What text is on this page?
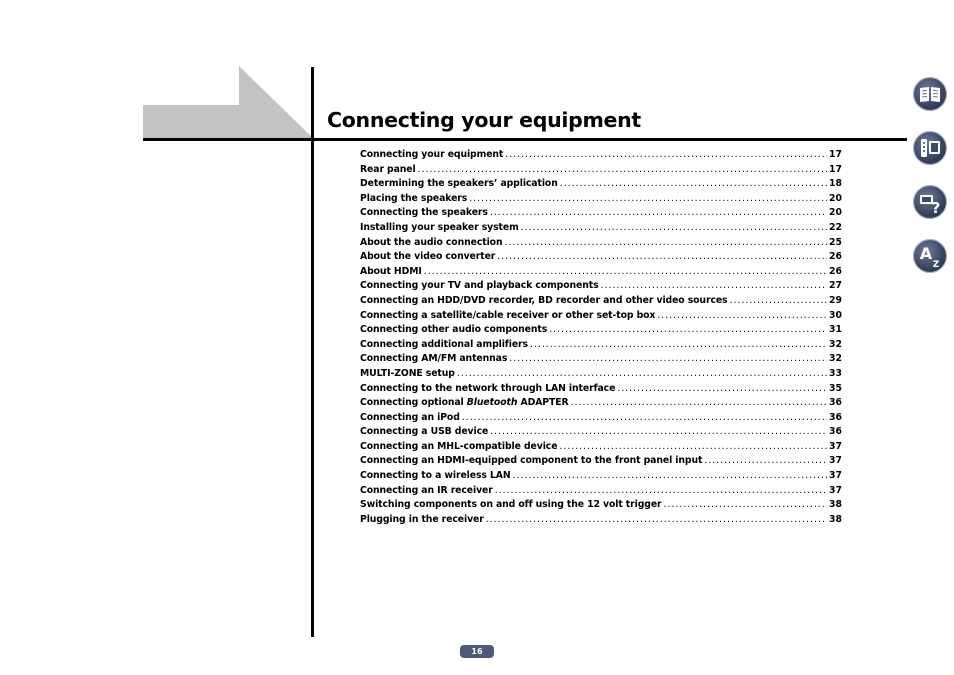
Connecting your equipment
Connecting your equipment .....	17
Rear panel .....	17
Determining the speakers’ application .....	18
Placing the speakers .....	20
Connecting the speakers .....	20
Installing your speaker system .....	22
About the audio connection .....	25
About the video converter .....	26
About HDMI .....	26
Connecting your TV and playback components .....	27
Connecting an HDD/DVD recorder, BD recorder and other video sources .....	29
Connecting a satellite/cable receiver or other set-top box .....	30
Connecting other audio components .....	31
Connecting additional amplifiers .....	32
Connecting AM/FM antennas .....	32
MULTI-ZONE setup .....	33
Connecting to the network through LAN interface .....	35
Connecting optional Bluetooth ADAPTER .....	36
Connecting an iPod .....	36
Connecting a USB device .....	36
Connecting an MHL-compatible device .....	37
Connecting an HDMI-equipped component to the front panel input .....	37
Connecting to a wireless LAN .....	37
Connecting an IR receiver .....	37
Switching components on and off using the 12 volt trigger .....	38
Plugging in the receiver .....	38
?
A
Z
16
